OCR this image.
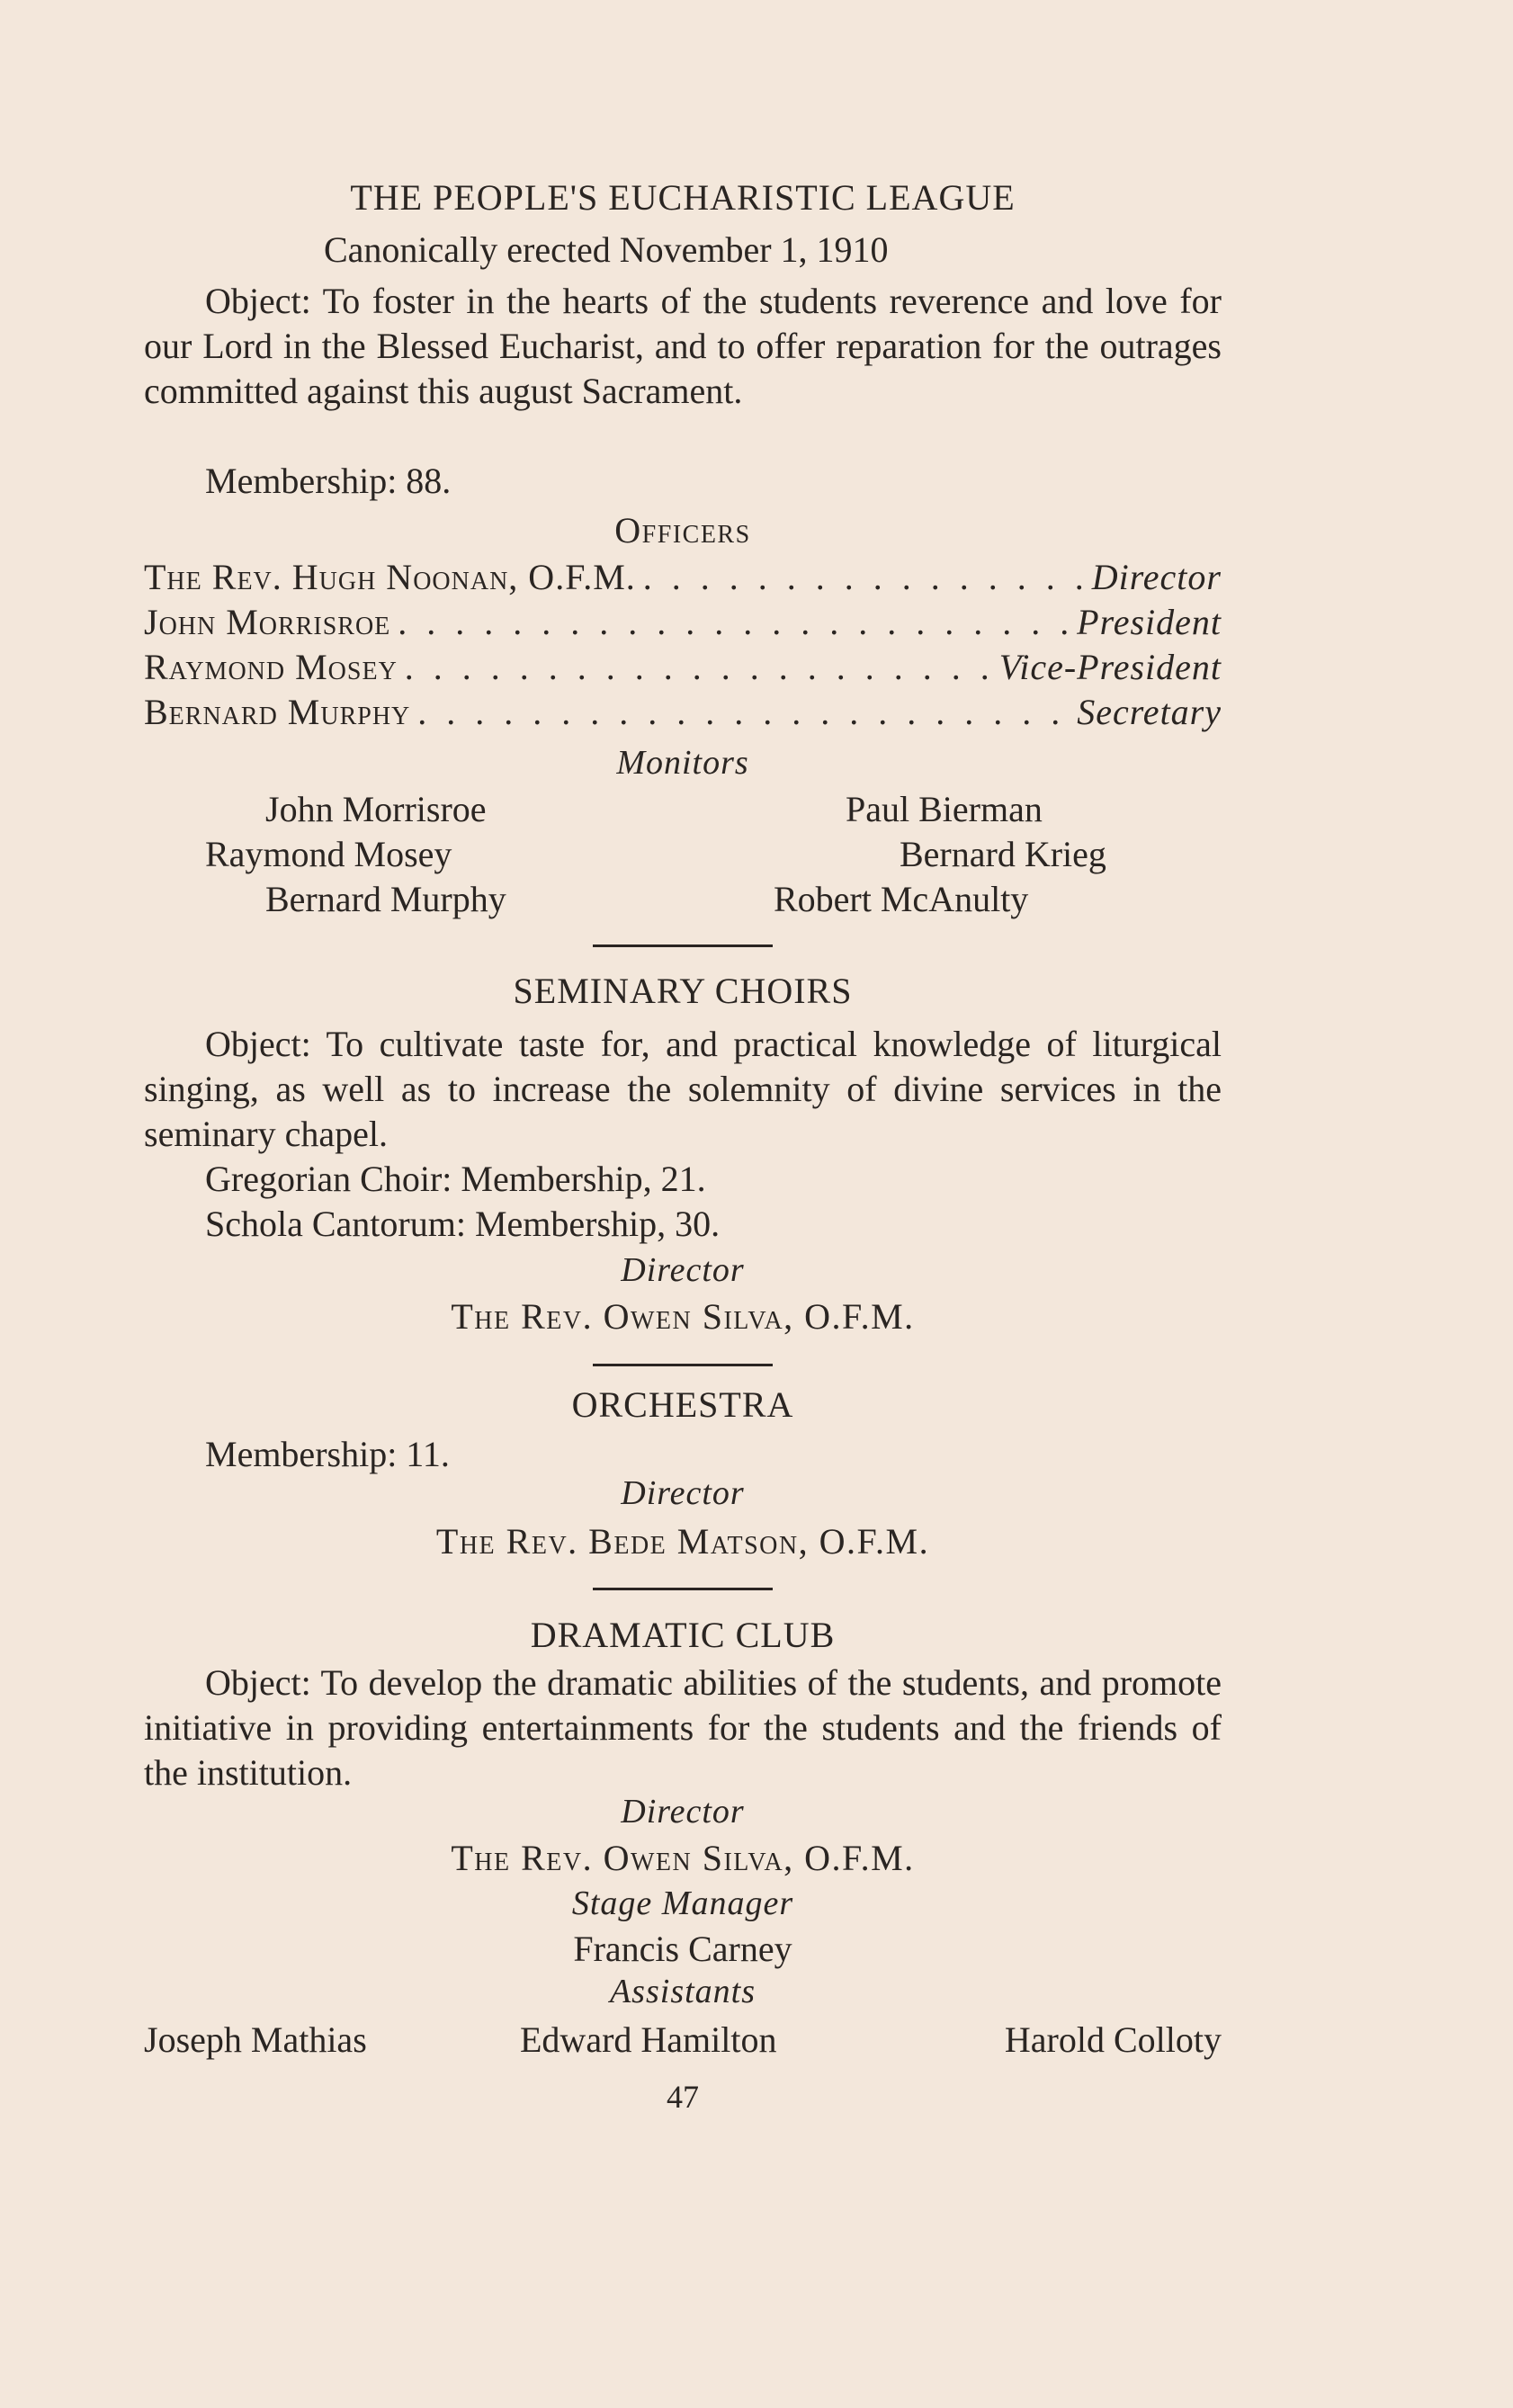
THE PEOPLE'S EUCHARISTIC LEAGUE
Canonically erected November 1, 1910
Object: To foster in the hearts of the students reverence and love for our Lord in the Blessed Eucharist, and to offer reparation for the outrages committed against this august Sacrament.
Membership: 88.
Officers
The Rev. Hugh Noonan, O.F.M. . . .	Director
John Morrisroe . . .	President
Raymond Mosey . . .	Vice-President
Bernard Murphy . . .	Secretary
Monitors
John Morrisroe	Paul Bierman
Raymond Mosey	Bernard Krieg
Bernard Murphy	Robert McAnulty
SEMINARY CHOIRS
Object: To cultivate taste for, and practical knowledge of liturgical singing, as well as to increase the solemnity of divine services in the seminary chapel.
Gregorian Choir: Membership, 21.
Schola Cantorum: Membership, 30.
Director
The Rev. Owen Silva, O.F.M.
ORCHESTRA
Membership: 11.
Director
The Rev. Bede Matson, O.F.M.
DRAMATIC CLUB
Object: To develop the dramatic abilities of the students, and promote initiative in providing entertainments for the students and the friends of the institution.
Director
The Rev. Owen Silva, O.F.M.
Stage Manager
Francis Carney
Assistants
Joseph Mathias	Edward Hamilton	Harold Colloty
47
